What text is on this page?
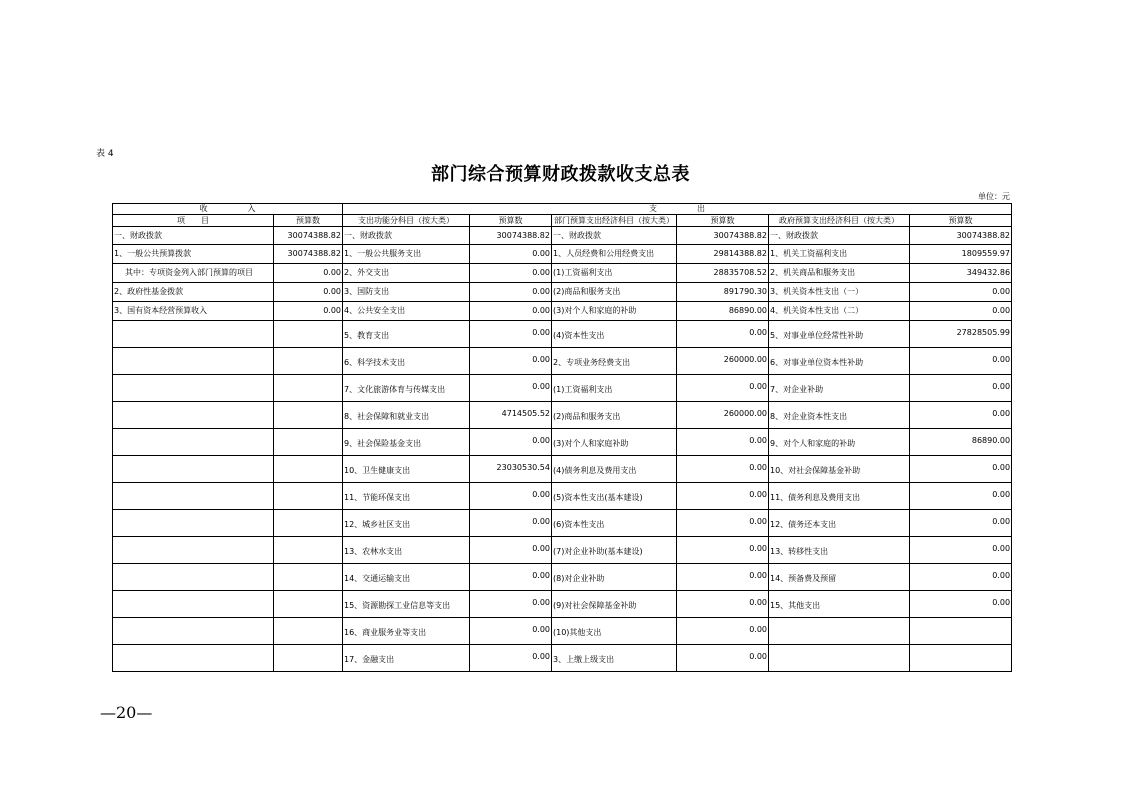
表 4
部门综合预算财政拨款收支总表
单位：元
收　　　　　入		支　　　　　出					
项　　目	预算数	支出功能分科目（按大类）	预算数	部门预算支出经济科目（按大类）	预算数	政府预算支出经济科目（按大类）	预算数
一、财政拨款	30074388.82	一、财政拨款	30074388.82	一、财政拨款	30074388.82	一、财政拨款	30074388.82
1、一般公共预算拨款	30074388.82	1、一般公共服务支出	0.00	1、人员经费和公用经费支出	29814388.82	1、机关工资福利支出	1809559.97
其中：专项资金列入部门预算的项目	0.00	2、外交支出	0.00	(1)工资福利支出	28835708.52	2、机关商品和服务支出	349432.86
2、政府性基金拨款	0.00	3、国防支出	0.00	(2)商品和服务支出	891790.30	3、机关资本性支出（一）	0.00
3、国有资本经营预算收入	0.00	4、公共安全支出	0.00	(3)对个人和家庭的补助	86890.00	4、机关资本性支出（二）	0.00
		5、教育支出	0.00	(4)资本性支出	0.00	5、对事业单位经常性补助	27828505.99
		6、科学技术支出	0.00	2、专项业务经费支出	260000.00	6、对事业单位资本性补助	0.00
		7、文化旅游体育与传媒支出	0.00	(1)工资福利支出	0.00	7、对企业补助	0.00
		8、社会保障和就业支出	4714505.52	(2)商品和服务支出	260000.00	8、对企业资本性支出	0.00
		9、社会保险基金支出	0.00	(3)对个人和家庭补助	0.00	9、对个人和家庭的补助	86890.00
		10、卫生健康支出	23030530.54	(4)债务利息及费用支出	0.00	10、对社会保障基金补助	0.00
		11、节能环保支出	0.00	(5)资本性支出(基本建设)	0.00	11、债务利息及费用支出	0.00
		12、城乡社区支出	0.00	(6)资本性支出	0.00	12、债务还本支出	0.00
		13、农林水支出	0.00	(7)对企业补助(基本建设)	0.00	13、转移性支出	0.00
		14、交通运输支出	0.00	(8)对企业补助	0.00	14、预备费及预留	0.00
		15、资源勘探工业信息等支出	0.00	(9)对社会保障基金补助	0.00	15、其他支出	0.00
		16、商业服务业等支出	0.00	(10)其他支出	0.00		
		17、金融支出	0.00	3、上缴上级支出	0.00		
—20—
